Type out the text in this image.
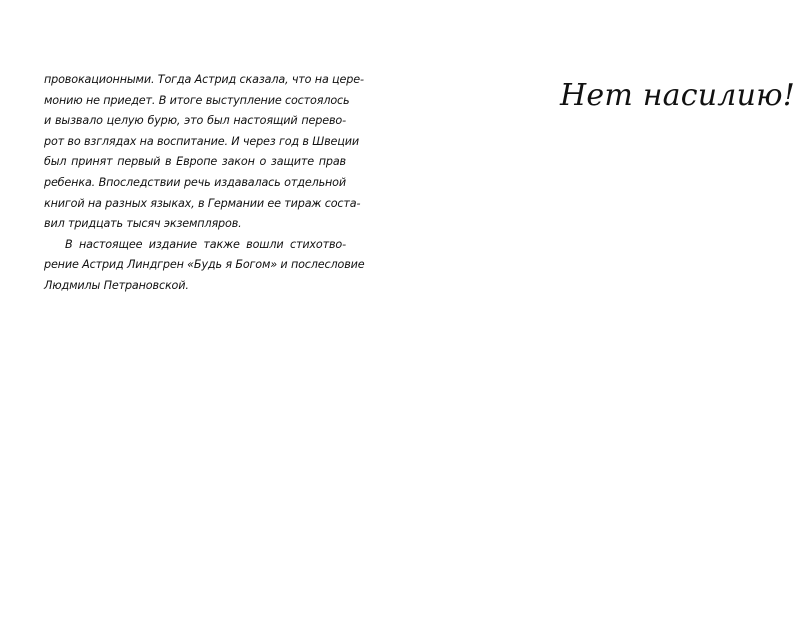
провокационными. Тогда Астрид сказала, что на цере-
монию не приедет. В итоге выступление состоялось
и вызвало целую бурю, это был настоящий перево-
рот во взглядах на воспитание. И через год в Швеции
был принят первый в Европе закон о защите прав
ребенка. Впоследствии речь издавалась отдельной
книгой на разных языках, в Германии ее тираж соста-
вил тридцать тысяч экземпляров.
В настоящее издание также вошли стихотво-
рение Астрид Линдгрен «Будь я Богом» и послесловие
Людмилы Петрановской.
Нет насилию!
